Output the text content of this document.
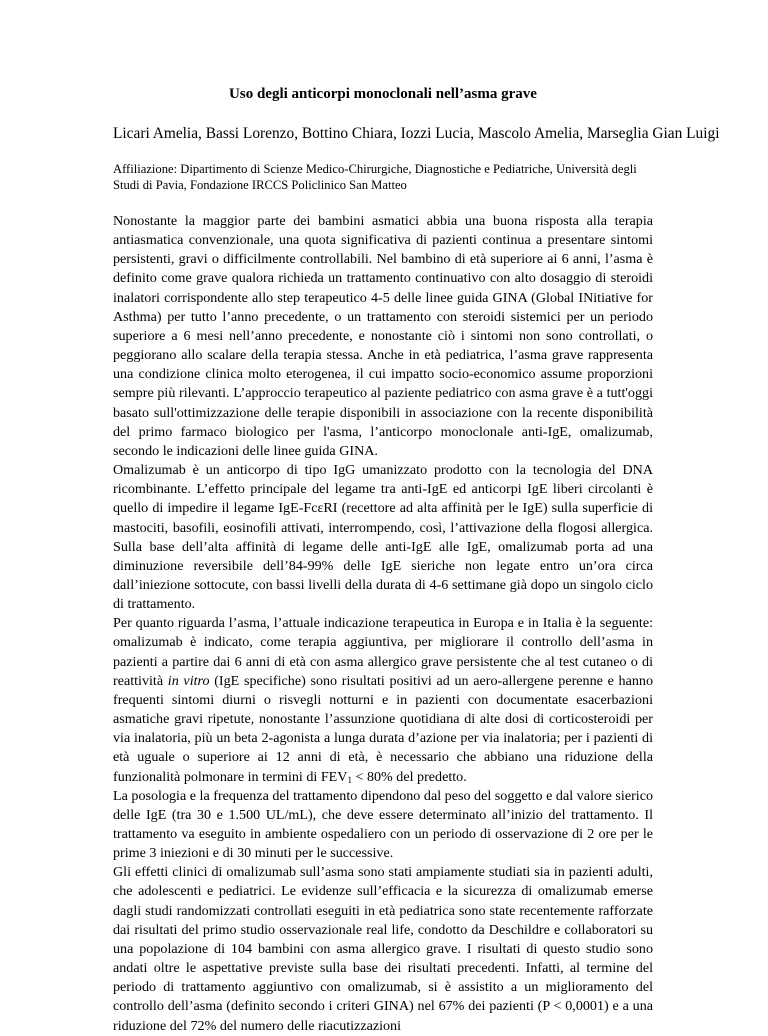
Uso degli anticorpi monoclonali nell’asma grave
Licari Amelia, Bassi Lorenzo, Bottino Chiara, Iozzi Lucia, Mascolo Amelia, Marseglia Gian Luigi
Affiliazione: Dipartimento di Scienze Medico-Chirurgiche, Diagnostiche e Pediatriche, Università degli Studi di Pavia, Fondazione IRCCS Policlinico San Matteo

Nonostante la maggior parte dei bambini asmatici abbia una buona risposta alla terapia antiasmatica convenzionale, una quota significativa di pazienti continua a presentare sintomi persistenti, gravi o difficilmente controllabili. Nel bambino di età superiore ai 6 anni, l’asma è definito come grave qualora richieda un trattamento continuativo con alto dosaggio di steroidi inalatori corrispondente allo step terapeutico 4-5 delle linee guida GINA (Global INitiative for Asthma) per tutto l’anno precedente, o un trattamento con steroidi sistemici per un periodo superiore a 6 mesi nell’anno precedente, e nonostante ciò i sintomi non sono controllati, o peggiorano allo scalare della terapia stessa. Anche in età pediatrica, l’asma grave rappresenta una condizione clinica molto eterogenea, il cui impatto socio-economico assume proporzioni sempre più rilevanti. L’approccio terapeutico al paziente pediatrico con asma grave è a tutt'oggi basato sull'ottimizzazione delle terapie disponibili in associazione con la recente disponibilità del primo farmaco biologico per l'asma, l’anticorpo monoclonale anti-IgE, omalizumab, secondo le indicazioni delle linee guida GINA.

Omalizumab è un anticorpo di tipo IgG umanizzato prodotto con la tecnologia del DNA ricombinante. L’effetto principale del legame tra anti-IgE ed anticorpi IgE liberi circolanti è quello di impedire il legame IgE-FcεRI (recettore ad alta affinità per le IgE) sulla superficie di mastociti, basofili, eosinofili attivati, interrompendo, così, l’attivazione della flogosi allergica. Sulla base dell’alta affinità di legame delle anti-IgE alle IgE, omalizumab porta ad una diminuzione reversibile dell’84-99% delle IgE sieriche non legate entro un’ora circa dall’iniezione sottocute, con bassi livelli della durata di 4-6 settimane già dopo un singolo ciclo di trattamento.

Per quanto riguarda l’asma, l’attuale indicazione terapeutica in Europa e in Italia è la seguente: omalizumab è indicato, come terapia aggiuntiva, per migliorare il controllo dell’asma in pazienti a partire dai 6 anni di età con asma allergico grave persistente che al test cutaneo o di reattività in vitro (IgE specifiche) sono risultati positivi ad un aero-allergene perenne e hanno frequenti sintomi diurni o risvegli notturni e in pazienti con documentate esacerbazioni asmatiche gravi ripetute, nonostante l’assunzione quotidiana di alte dosi di corticosteroidi per via inalatoria, più un beta 2-agonista a lunga durata d’azione per via inalatoria; per i pazienti di età uguale o superiore ai 12 anni di età, è necessario che abbiano una riduzione della funzionalità polmonare in termini di $FEV_1 < 80\%$ del predetto.

La posologia e la frequenza del trattamento dipendono dal peso del soggetto e dal valore sierico delle IgE (tra 30 e 1.500 UL/mL), che deve essere determinato all’inizio del trattamento. Il trattamento va eseguito in ambiente ospedaliero con un periodo di osservazione di 2 ore per le prime 3 iniezioni e di 30 minuti per le successive.

Gli effetti clinici di omalizumab sull’asma sono stati ampiamente studiati sia in pazienti adulti, che adolescenti e pediatrici. Le evidenze sull’efficacia e la sicurezza di omalizumab emerse dagli studi randomizzati controllati eseguiti in età pediatrica sono state recentemente rafforzate dai risultati del primo studio osservazionale real life, condotto da Deschildre e collaboratori su una popolazione di 104 bambini con asma allergico grave. I risultati di questo studio sono andati oltre le aspettative previste sulla base dei risultati precedenti. Infatti, al termine del periodo di trattamento aggiuntivo con omalizumab, si è assistito a un miglioramento del controllo dell’asma (definito secondo i criteri GINA) nel 67% dei pazienti (P < 0,0001) e a una riduzione del 72% del numero delle riacutizzazioni
